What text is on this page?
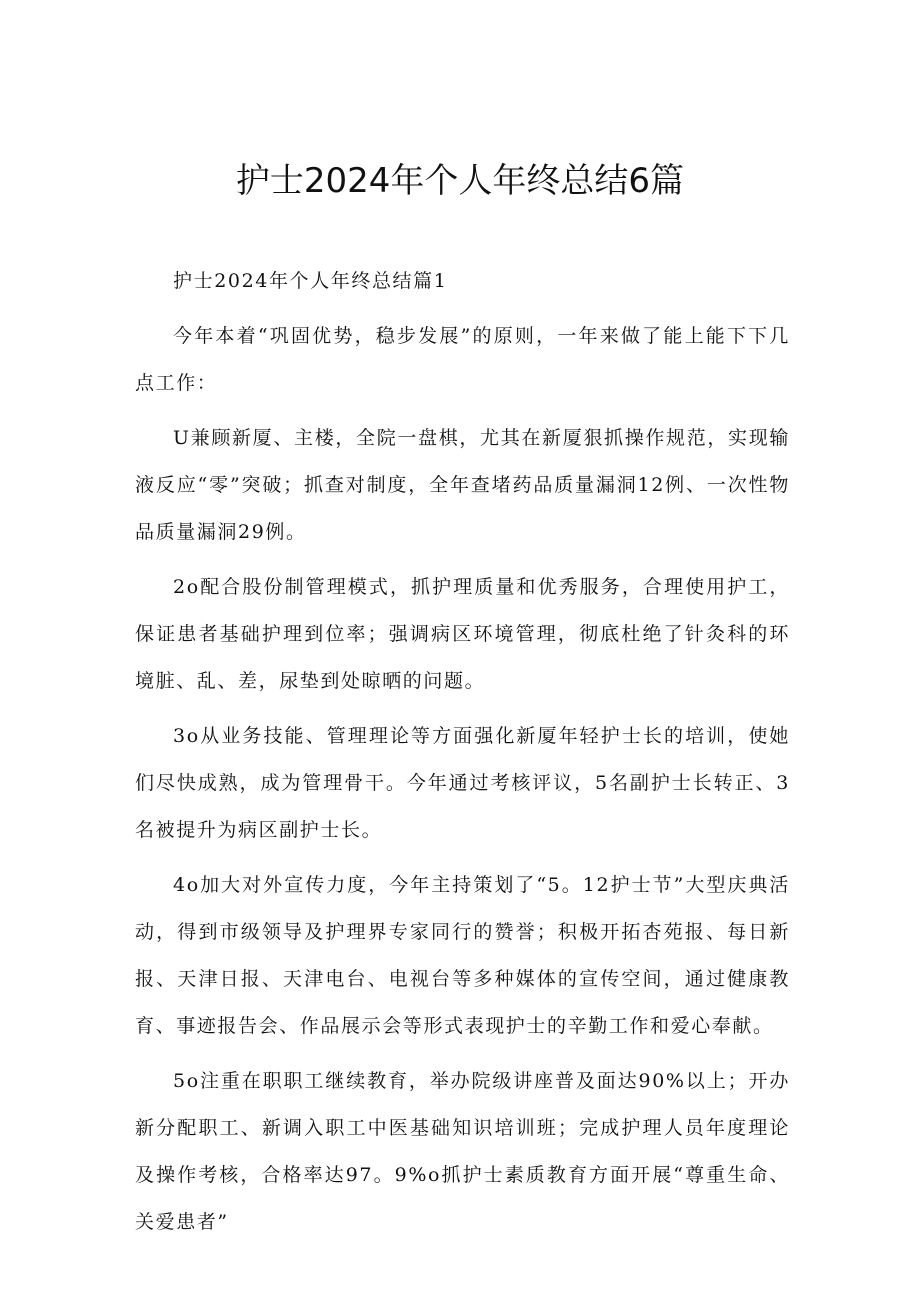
护士2024年个人年终总结6篇

护士2024年个人年终总结篇1

今年本着“巩固优势，稳步发展”的原则，一年来做了能上能下下几点工作：

U兼顾新厦、主楼，全院一盘棋，尤其在新厦狠抓操作规范，实现输液反应“零”突破；抓查对制度，全年查堵药品质量漏洞12例、一次性物品质量漏洞29例。

2o配合股份制管理模式，抓护理质量和优秀服务，合理使用护工，保证患者基础护理到位率；强调病区环境管理，彻底杜绝了针灸科的环境脏、乱、差，尿垫到处晾晒的问题。

3o从业务技能、管理理论等方面强化新厦年轻护士长的培训，使她们尽快成熟，成为管理骨干。今年通过考核评议，5名副护士长转正、3名被提升为病区副护士长。

4o加大对外宣传力度，今年主持策划了“5。12护士节”大型庆典活动，得到市级领导及护理界专家同行的赞誉；积极开拓杏苑报、每日新报、天津日报、天津电台、电视台等多种媒体的宣传空间，通过健康教育、事迹报告会、作品展示会等形式表现护士的辛勤工作和爱心奉献。

5o注重在职职工继续教育，举办院级讲座普及面达90%以上；开办新分配职工、新调入职工中医基础知识培训班；完成护理人员年度理论及操作考核，合格率达97。9%o抓护士素质教育方面开展“尊重生命、关爱患者”
